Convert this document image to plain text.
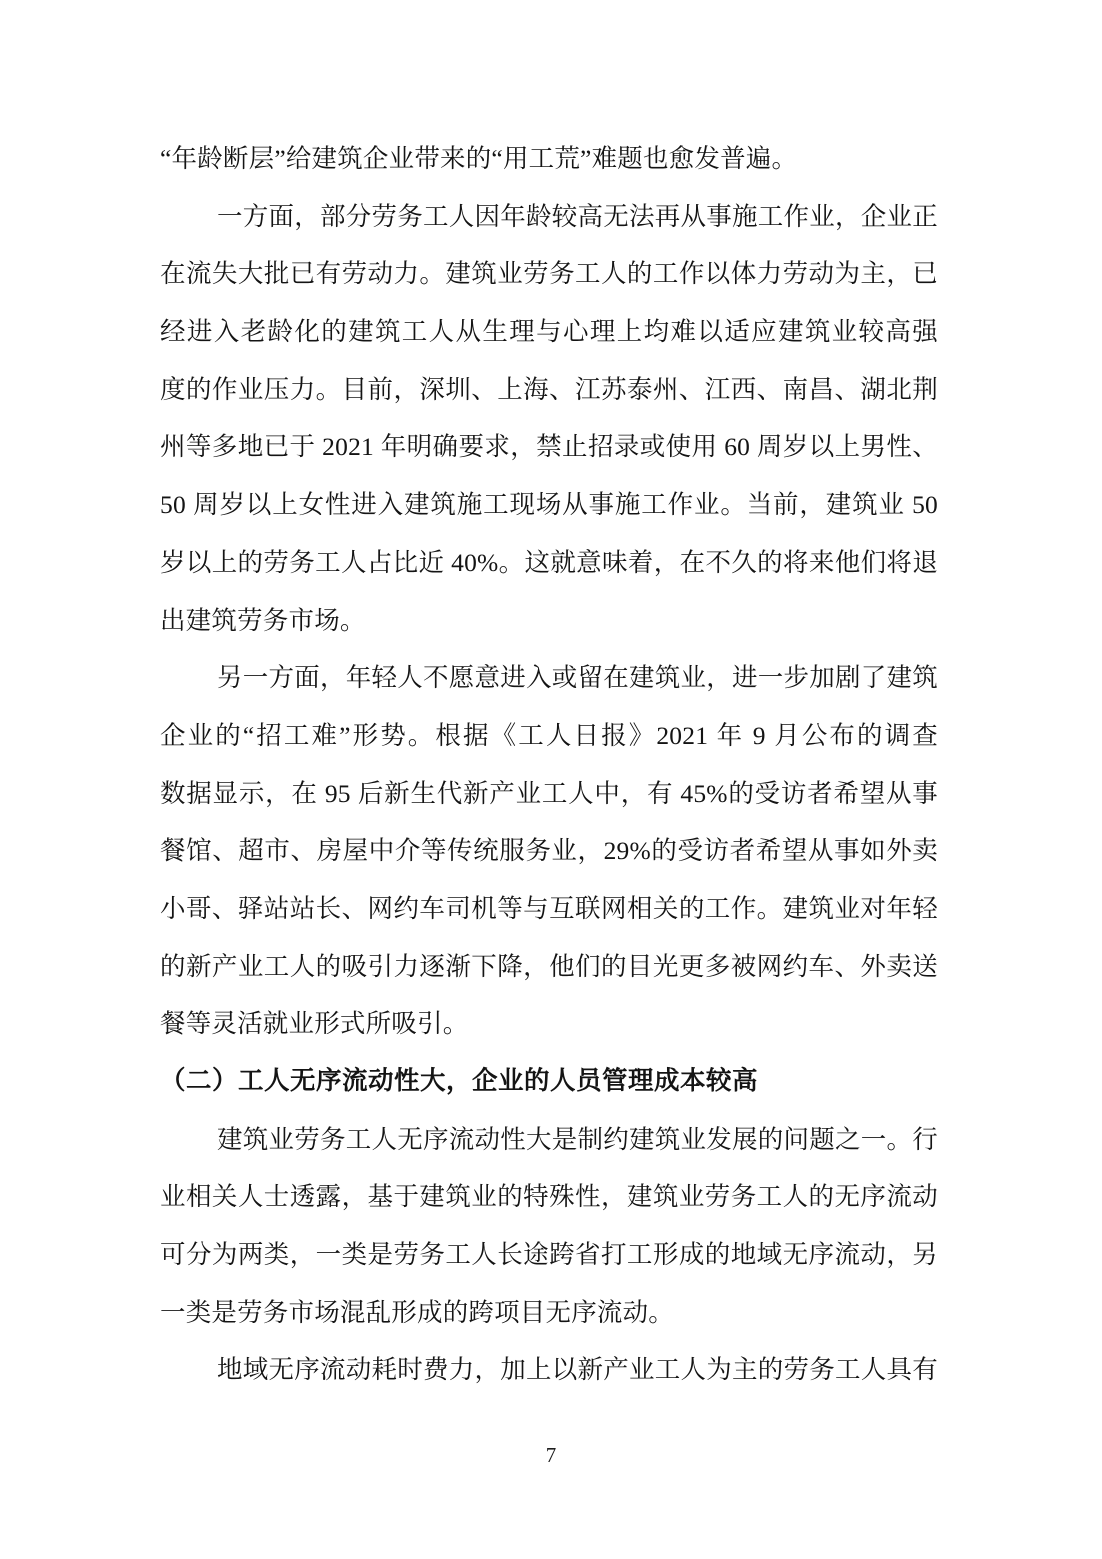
“年龄断层”给建筑企业带来的“用工荒”难题也愈发普遍。
一方面，部分劳务工人因年龄较高无法再从事施工作业，企业正
在流失大批已有劳动力。建筑业劳务工人的工作以体力劳动为主，已
经进入老龄化的建筑工人从生理与心理上均难以适应建筑业较高强
度的作业压力。目前，深圳、上海、江苏泰州、江西、南昌、湖北荆
州等多地已于 2021 年明确要求，禁止招录或使用 60 周岁以上男性、
50 周岁以上女性进入建筑施工现场从事施工作业。当前，建筑业 50
岁以上的劳务工人占比近 40%。这就意味着，在不久的将来他们将退
出建筑劳务市场。
另一方面，年轻人不愿意进入或留在建筑业，进一步加剧了建筑
企业的“招工难”形势。根据《工人日报》2021 年 9 月公布的调查
数据显示，在 95 后新生代新产业工人中，有 45%的受访者希望从事
餐馆、超市、房屋中介等传统服务业，29%的受访者希望从事如外卖
小哥、驿站站长、网约车司机等与互联网相关的工作。建筑业对年轻
的新产业工人的吸引力逐渐下降，他们的目光更多被网约车、外卖送
餐等灵活就业形式所吸引。
（二）工人无序流动性大，企业的人员管理成本较高
建筑业劳务工人无序流动性大是制约建筑业发展的问题之一。行
业相关人士透露，基于建筑业的特殊性，建筑业劳务工人的无序流动
可分为两类，一类是劳务工人长途跨省打工形成的地域无序流动，另
一类是劳务市场混乱形成的跨项目无序流动。
地域无序流动耗时费力，加上以新产业工人为主的劳务工人具有
7
